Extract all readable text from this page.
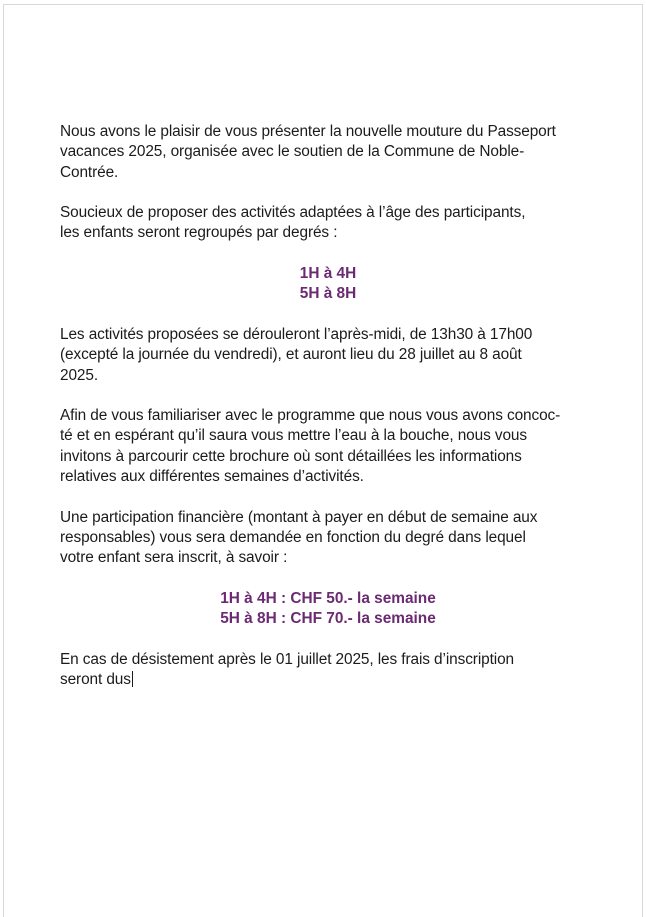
Nous avons le plaisir de vous présenter la nouvelle mouture du Passeport
vacances 2025, organisée avec le soutien de la Commune de Noble-
Contrée.

Soucieux de proposer des activités adaptées à l’âge des participants,
les enfants seront regroupés par degrés :

1H à 4H
5H à 8H

Les activités proposées se dérouleront l’après-midi, de 13h30 à 17h00
(excepté la journée du vendredi), et auront lieu du 28 juillet au 8 août
2025.

Afin de vous familiariser avec le programme que nous vous avons concoc-
té et en espérant qu’il saura vous mettre l’eau à la bouche, nous vous
invitons à parcourir cette brochure où sont détaillées les informations
relatives aux différentes semaines d’activités.

Une participation financière (montant à payer en début de semaine aux
responsables) vous sera demandée en fonction du degré dans lequel
votre enfant sera inscrit, à savoir :

1H à 4H : CHF 50.- la semaine
5H à 8H : CHF 70.- la semaine

En cas de désistement après le 01 juillet 2025, les frais d’inscription
seront dus
